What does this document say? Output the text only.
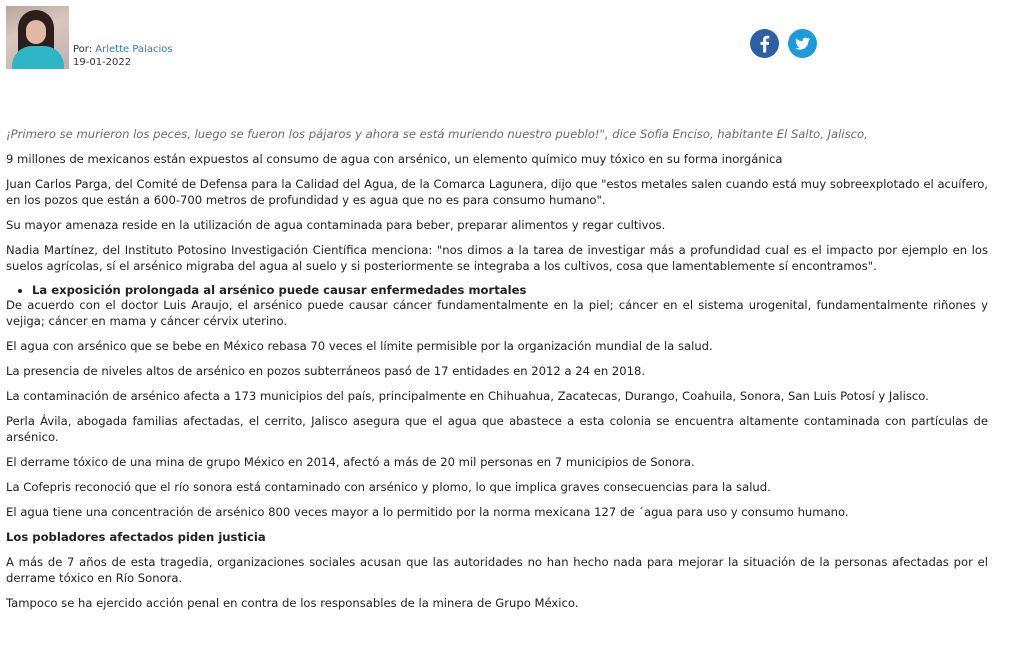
Por: Arlette Palacios
19-01-2022

¡Primero se murieron los peces, luego se fueron los pájaros y ahora se está muriendo nuestro pueblo!", dice Sofía Enciso, habitante El Salto, Jalisco,

9 millones de mexicanos están expuestos al consumo de agua con arsénico, un elemento químico muy tóxico en su forma inorgánica

Juan Carlos Parga, del Comité de Defensa para la Calidad del Agua, de la Comarca Lagunera, dijo que "estos metales salen cuando está muy sobreexplotado el acuífero, en los pozos que están a 600-700 metros de profundidad y es agua que no es para consumo humano".

Su mayor amenaza reside en la utilización de agua contaminada para beber, preparar alimentos y regar cultivos.

Nadia Martínez, del Instituto Potosino Investigación Científica menciona: "nos dimos a la tarea de investigar más a profundidad cual es el impacto por ejemplo en los suelos agrícolas, sí el arsénico migraba del agua al suelo y si posteriormente se integraba a los cultivos, cosa que lamentablemente sí encontramos".

• La exposición prolongada al arsénico puede causar enfermedades mortales

De acuerdo con el doctor Luis Araujo, el arsénico puede causar cáncer fundamentalmente en la piel; cáncer en el sistema urogenital, fundamentalmente riñones y vejiga; cáncer en mama y cáncer cérvix uterino.

El agua con arsénico que se bebe en México rebasa 70 veces el límite permisible por la organización mundial de la salud.

La presencia de niveles altos de arsénico en pozos subterráneos pasó de 17 entidades en 2012 a 24 en 2018.

La contaminación de arsénico afecta a 173 municipios del país, principalmente en Chihuahua, Zacatecas, Durango, Coahuila, Sonora, San Luis Potosí y Jalisco.

Perla Ávila, abogada familias afectadas, el cerrito, Jalisco asegura que el agua que abastece a esta colonia se encuentra altamente contaminada con partículas de arsénico.

El derrame tóxico de una mina de grupo México en 2014, afectó a más de 20 mil personas en 7 municipios de Sonora.

La Cofepris reconoció que el río sonora está contaminado con arsénico y plomo, lo que implica graves consecuencias para la salud.

El agua tiene una concentración de arsénico 800 veces mayor a lo permitido por la norma mexicana 127 de ´agua para uso y consumo humano.

Los pobladores afectados piden justicia

A más de 7 años de esta tragedia, organizaciones sociales acusan que las autoridades no han hecho nada para mejorar la situación de la personas afectadas por el derrame tóxico en Río Sonora.

Tampoco se ha ejercido acción penal en contra de los responsables de la minera de Grupo México.
